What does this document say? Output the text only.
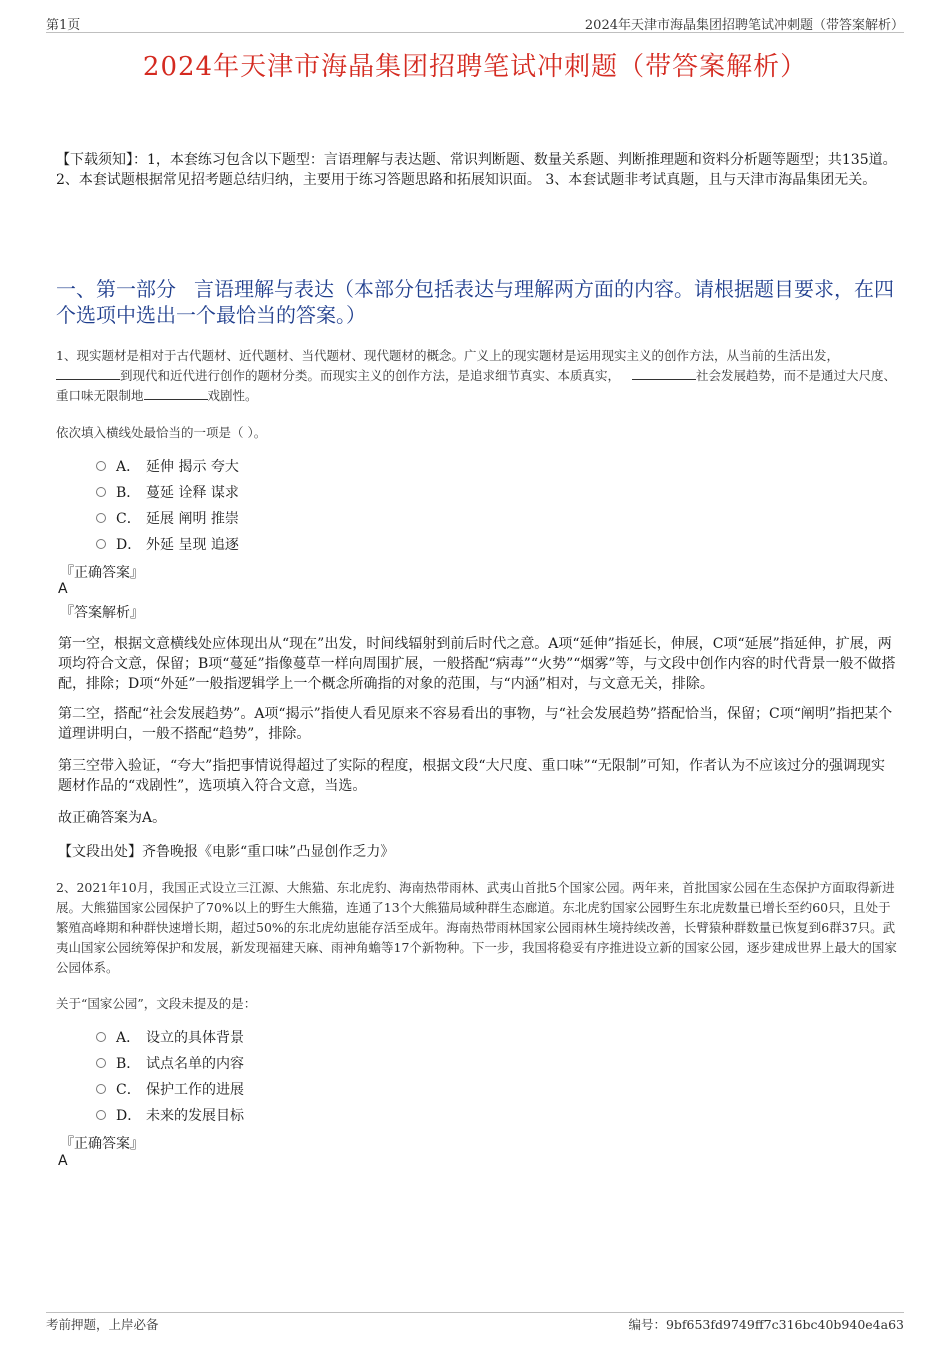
第1页	2024年天津市海晶集团招聘笔试冲刺题（带答案解析）
2024年天津市海晶集团招聘笔试冲刺题（带答案解析）
【下载须知】：1，本套练习包含以下题型：言语理解与表达题、常识判断题、数量关系题、判断推理题和资料分析题等题型；共135道。 2、本套试题根据常见招考题总结归纳，主要用于练习答题思路和拓展知识面。 3、本套试题非考试真题，且与天津市海晶集团无关。
一、第一部分 言语理解与表达（本部分包括表达与理解两方面的内容。请根据题目要求，在四个选项中选出一个最恰当的答案。）
1、现实题材是相对于古代题材、近代题材、当代题材、现代题材的概念。广义上的现实题材是运用现实主义的创作方法，从当前的生活出发，到现代和近代进行创作的题材分类。而现实主义的创作方法，是追求细节真实、本质真实，	社会发展趋势，而不是通过大尺度、重口味无限制地	戏剧性。
依次填入横线处最恰当的一项是（ ）。
A． 延伸 揭示 夸大
B． 蔓延 诠释 谋求
C． 延展 阐明 推崇
D． 外延 呈现 追逐
『正确答案』
A
『答案解析』
第一空，根据文意横线处应体现出从“现在”出发，时间线辐射到前后时代之意。A项“延伸”指延长，伸展，C项“延展”指延伸，扩展，两项均符合文意，保留；B项“蔓延”指像蔓草一样向周围扩展，一般搭配“病毒”“火势”“烟雾”等，与文段中创作内容的时代背景一般不做搭配，排除；D项“外延”一般指逻辑学上一个概念所确指的对象的范围，与“内涵”相对，与文意无关，排除。
第二空，搭配“社会发展趋势”。A项“揭示”指使人看见原来不容易看出的事物，与“社会发展趋势”搭配恰当，保留；C项“阐明”指把某个道理讲明白，一般不搭配“趋势”，排除。
第三空带入验证，“夸大”指把事情说得超过了实际的程度，根据文段“大尺度、重口味”“无限制”可知，作者认为不应该过分的强调现实题材作品的“戏剧性”，选项填入符合文意，当选。
故正确答案为A。
【文段出处】齐鲁晚报《电影“重口味”凸显创作乏力》
2、2021年10月，我国正式设立三江源、大熊猫、东北虎豹、海南热带雨林、武夷山首批5个国家公园。两年来，首批国家公园在生态保护方面取得新进展。大熊猫国家公园保护了70%以上的野生大熊猫，连通了13个大熊猫局域种群生态廊道。东北虎豹国家公园野生东北虎数量已增长至约60只，且处于繁殖高峰期和种群快速增长期，超过50%的东北虎幼崽能存活至成年。海南热带雨林国家公园雨林生境持续改善，长臂猿种群数量已恢复到6群37只。武夷山国家公园统筹保护和发展，新发现福建天麻、雨神角蟾等17个新物种。下一步，我国将稳妥有序推进设立新的国家公园，逐步建成世界上最大的国家公园体系。
关于“国家公园”，文段未提及的是：
A． 设立的具体背景
B． 试点名单的内容
C． 保护工作的进展
D． 未来的发展目标
『正确答案』
A
考前押题，上岸必备	编号：9bf653fd9749ff7c316bc40b940e4a63
